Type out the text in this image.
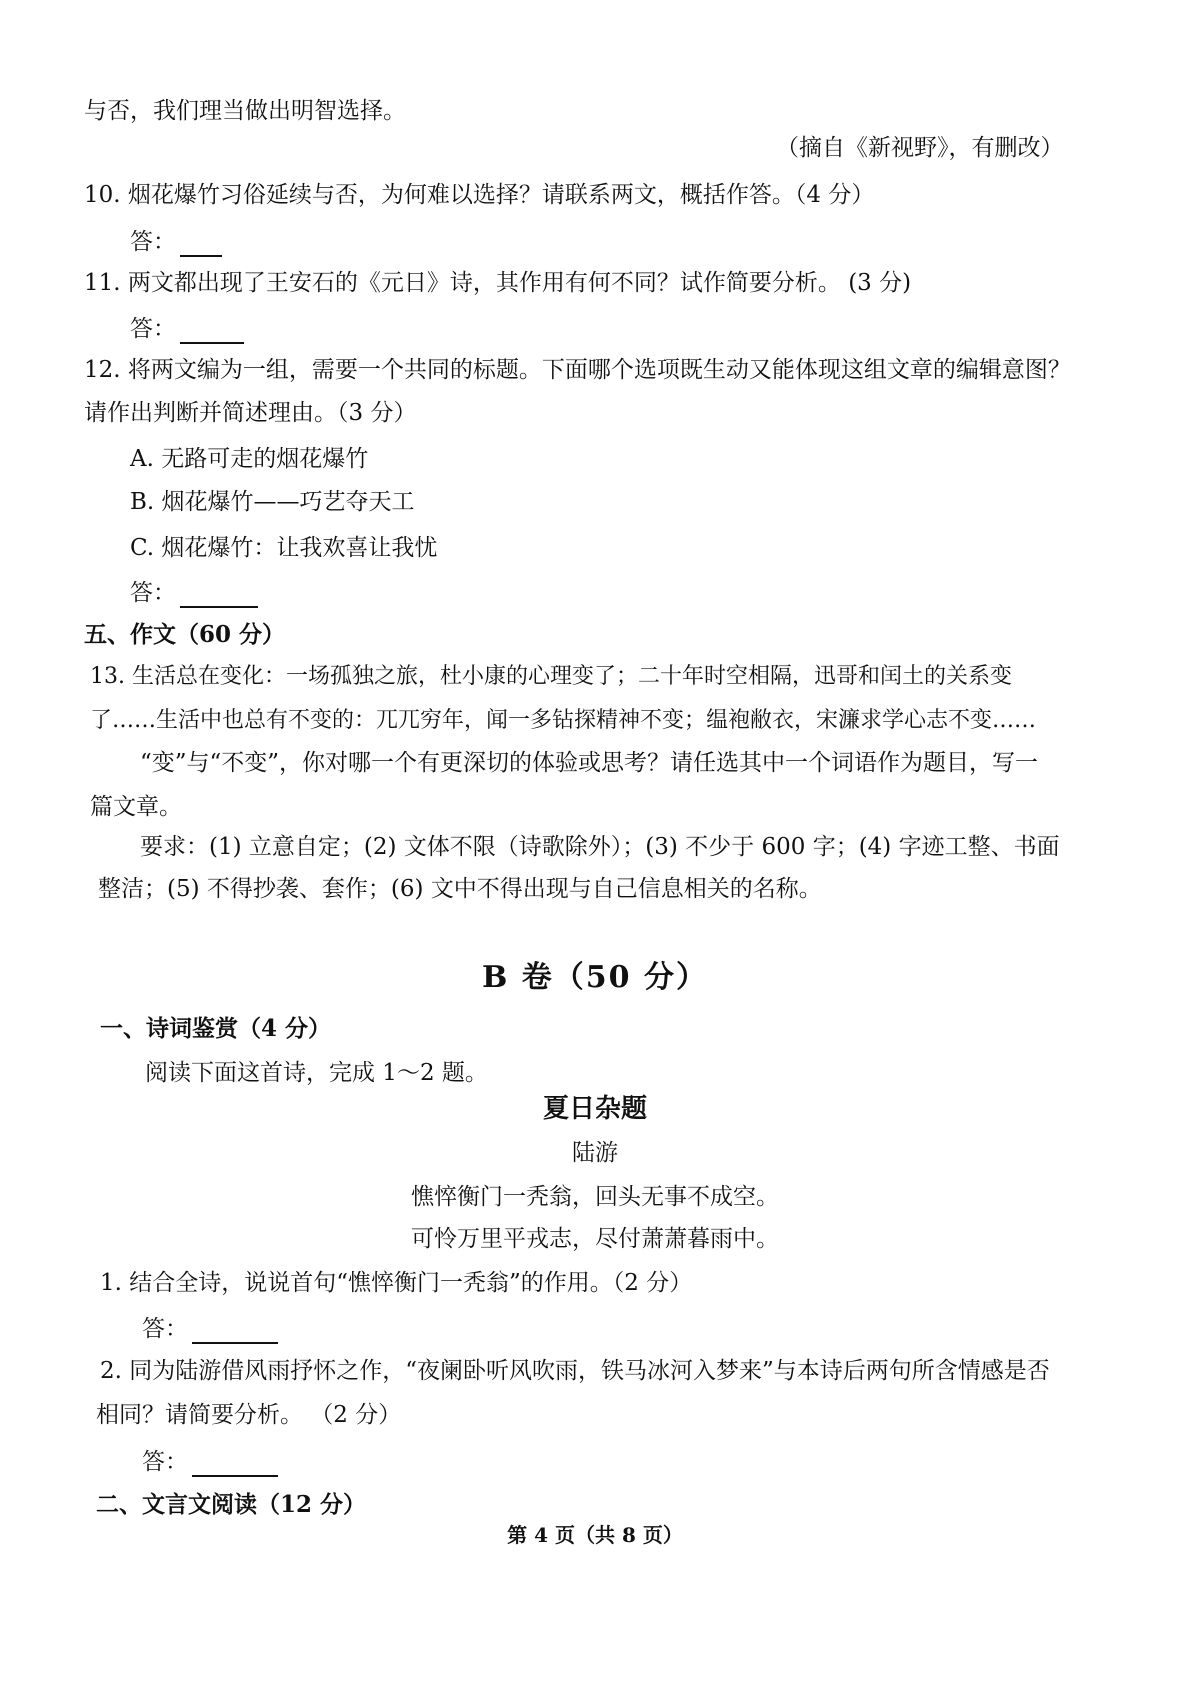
与否，我们理当做出明智选择。
（摘自《新视野》，有删改）
10. 烟花爆竹习俗延续与否，为何难以选择？请联系两文，概括作答。（4 分）
答：
11. 两文都出现了王安石的《元日》诗，其作用有何不同？试作简要分析。 (3 分)
答：
12. 将两文编为一组，需要一个共同的标题。下面哪个选项既生动又能体现这组文章的编辑意图？
请作出判断并简述理由。（3 分）
A. 无路可走的烟花爆竹
B. 烟花爆竹——巧艺夺天工
C. 烟花爆竹：让我欢喜让我忧
答：
五、作文（60 分）
13. 生活总在变化：一场孤独之旅，杜小康的心理变了；二十年时空相隔，迅哥和闰土的关系变
了……生活中也总有不变的：兀兀穷年，闻一多钻探精神不变；缊袍敝衣，宋濂求学心志不变……
“变”与“不变”，你对哪一个有更深切的体验或思考？请任选其中一个词语作为题目，写一
篇文章。
要求：(1) 立意自定；(2) 文体不限（诗歌除外）；(3) 不少于 600 字；(4) 字迹工整、书面
整洁；(5) 不得抄袭、套作；(6) 文中不得出现与自己信息相关的名称。
B 卷（50 分）
一、诗词鉴赏（4 分）
阅读下面这首诗，完成 1～2 题。
夏日杂题
陆游
憔悴衡门一秃翁，回头无事不成空。
可怜万里平戎志，尽付萧萧暮雨中。
1. 结合全诗，说说首句“憔悴衡门一秃翁”的作用。（2 分）
答：
2. 同为陆游借风雨抒怀之作，“夜阑卧听风吹雨，铁马冰河入梦来”与本诗后两句所含情感是否
相同？请简要分析。 （2 分）
答：
二、文言文阅读（12 分）
第 4 页（共 8 页）
